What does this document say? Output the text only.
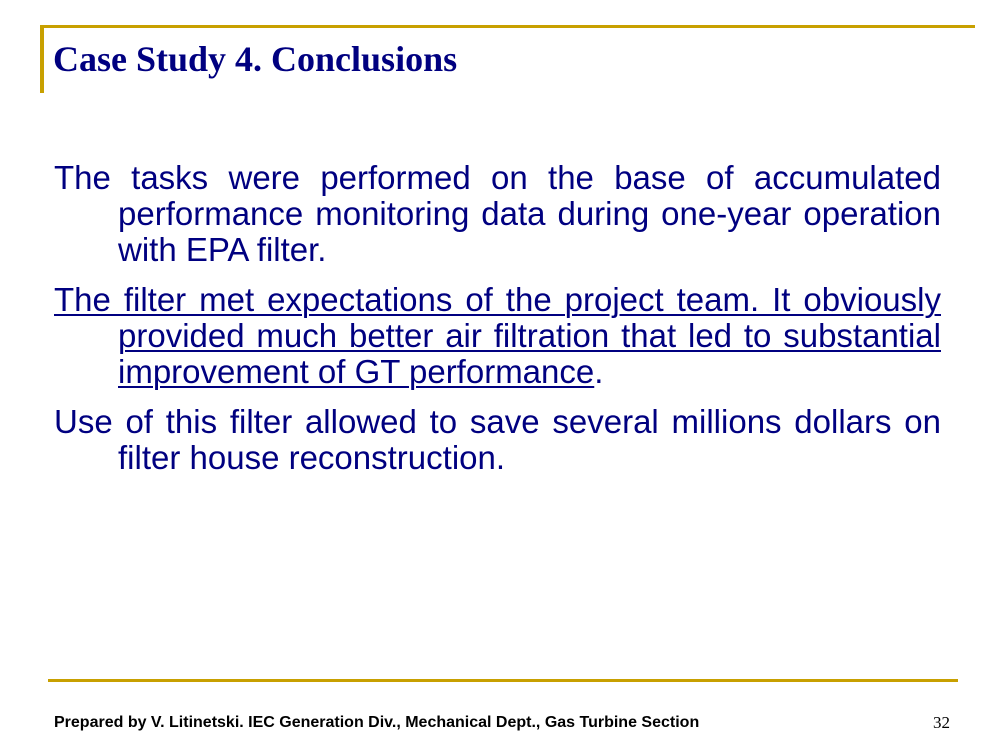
Case Study 4. Conclusions

The tasks were performed on the base of accumulated performance monitoring data during one-year operation with EPA filter.

The filter met expectations of the project team. It obviously provided much better air filtration that led to substantial improvement of GT performance.

Use of this filter allowed to save several millions dollars on filter house reconstruction.

Prepared by V. Litinetski. IEC Generation Div., Mechanical Dept., Gas Turbine Section	32
